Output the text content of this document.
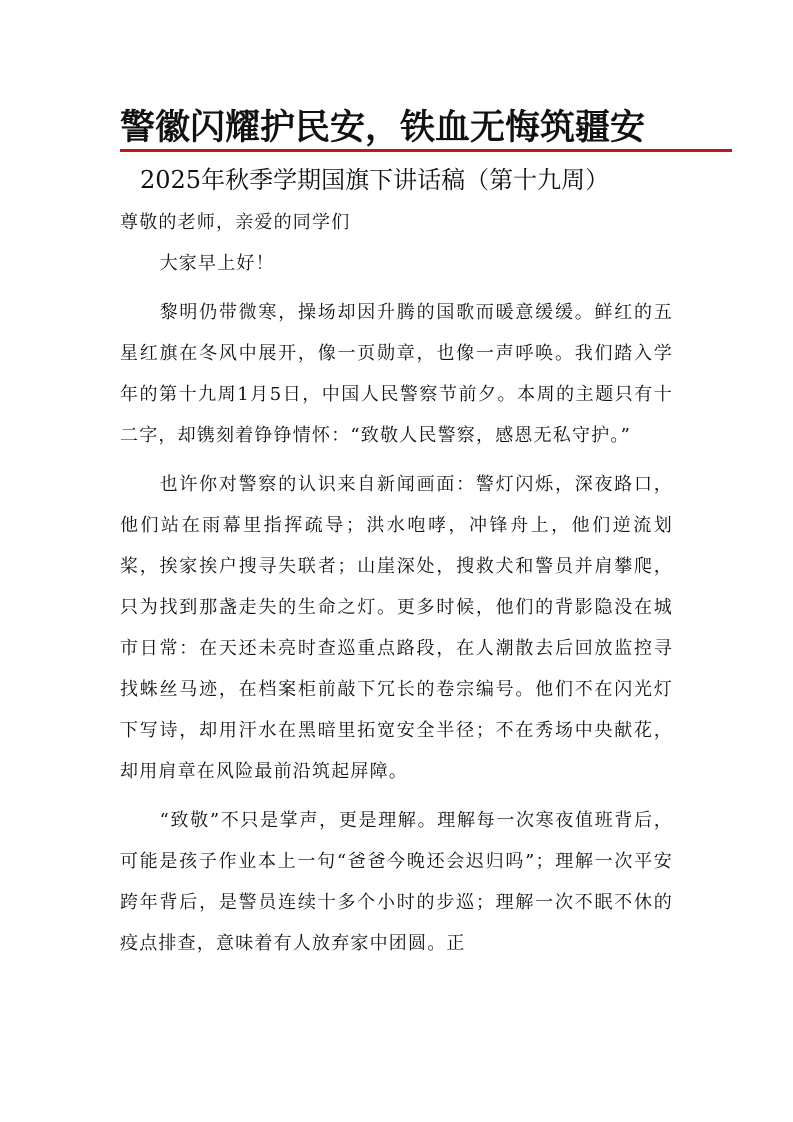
警徽闪耀护民安，铁血无悔筑疆安
2025年秋季学期国旗下讲话稿（第十九周）

尊敬的老师，亲爱的同学们

大家早上好！

黎明仍带微寒，操场却因升腾的国歌而暖意缓缓。鲜红的五星红旗在冬风中展开，像一页勋章，也像一声呼唤。我们踏入学年的第十九周1月5日，中国人民警察节前夕。本周的主题只有十二字，却镌刻着铮铮情怀：“致敬人民警察，感恩无私守护。”

也许你对警察的认识来自新闻画面：警灯闪烁，深夜路口，他们站在雨幕里指挥疏导；洪水咆哮，冲锋舟上，他们逆流划桨，挨家挨户搜寻失联者；山崖深处，搜救犬和警员并肩攀爬，只为找到那盏走失的生命之灯。更多时候，他们的背影隐没在城市日常：在天还未亮时查巡重点路段，在人潮散去后回放监控寻找蛛丝马迹，在档案柜前敲下冗长的卷宗编号。他们不在闪光灯下写诗，却用汗水在黑暗里拓宽安全半径；不在秀场中央献花，却用肩章在风险最前沿筑起屏障。

“致敬”不只是掌声，更是理解。理解每一次寒夜值班背后，可能是孩子作业本上一句“爸爸今晚还会迟归吗”；理解一次平安跨年背后，是警员连续十多个小时的步巡；理解一次不眠不休的疫点排查，意味着有人放弃家中团圆。正
